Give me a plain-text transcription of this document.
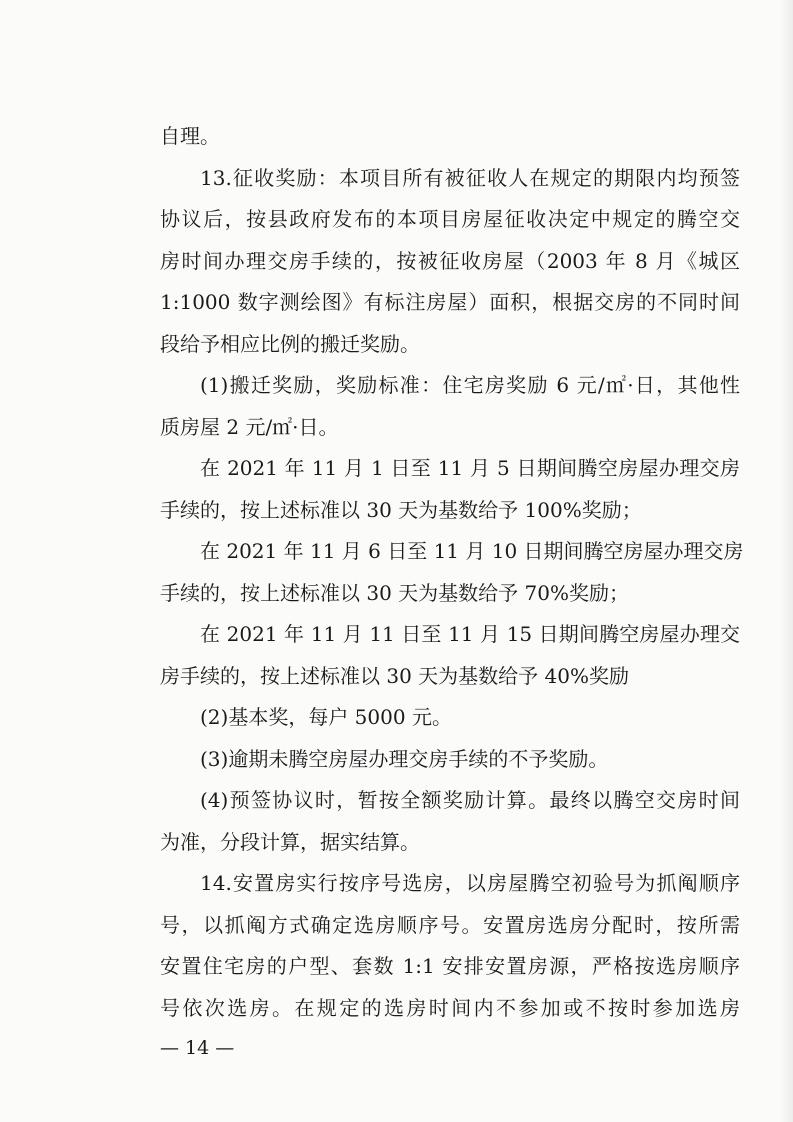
自理。
13.征收奖励：本项目所有被征收人在规定的期限内均预签
协议后，按县政府发布的本项目房屋征收决定中规定的腾空交
房时间办理交房手续的，按被征收房屋（2003 年 8 月《城区
1:1000 数字测绘图》有标注房屋）面积，根据交房的不同时间
段给予相应比例的搬迁奖励。
(1)搬迁奖励，奖励标准：住宅房奖励 6 元/㎡·日，其他性
质房屋 2 元/㎡·日。
在 2021 年 11 月 1 日至 11 月 5 日期间腾空房屋办理交房
手续的，按上述标准以 30 天为基数给予 100%奖励；
在 2021 年 11 月 6 日至 11 月 10 日期间腾空房屋办理交房
手续的，按上述标准以 30 天为基数给予 70%奖励；
在 2021 年 11 月 11 日至 11 月 15 日期间腾空房屋办理交
房手续的，按上述标准以 30 天为基数给予 40%奖励
(2)基本奖，每户 5000 元。
(3)逾期未腾空房屋办理交房手续的不予奖励。
(4)预签协议时，暂按全额奖励计算。最终以腾空交房时间
为准，分段计算，据实结算。
14.安置房实行按序号选房，以房屋腾空初验号为抓阄顺序
号，以抓阄方式确定选房顺序号。安置房选房分配时，按所需
安置住宅房的户型、套数 1:1 安排安置房源，严格按选房顺序
— 14 —
号依次选房。在规定的选房时间内不参加或不按时参加选房
